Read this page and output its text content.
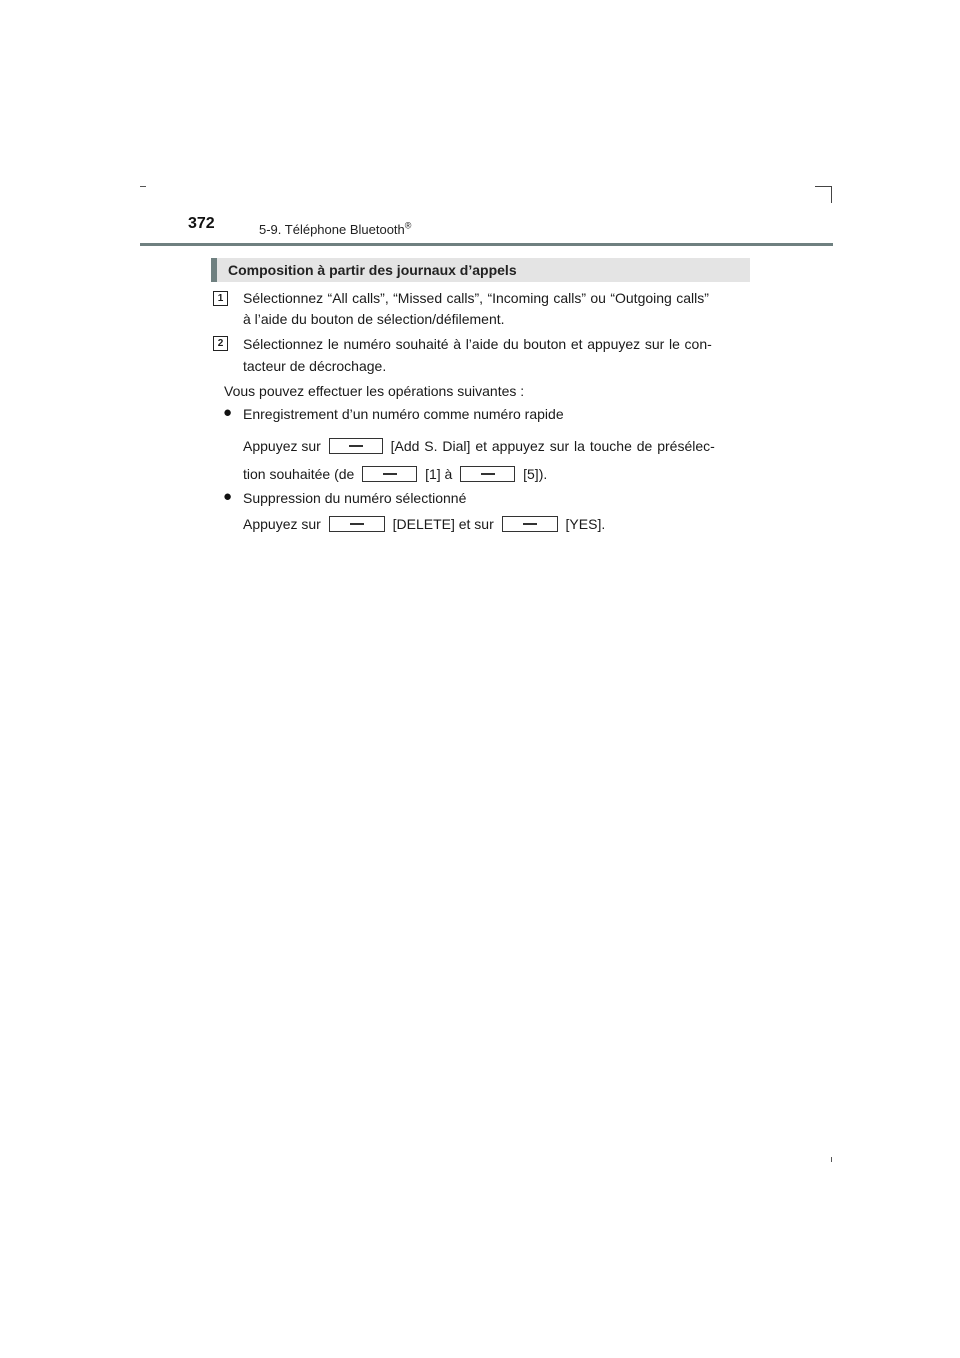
372	5-9. Téléphone Bluetooth®
Composition à partir des journaux d’appels
1	Sélectionnez “All calls”, “Missed calls”, “Incoming calls” ou “Outgoing calls”
à l’aide du bouton de sélection/défilement.
2	Sélectionnez le numéro souhaité à l’aide du bouton et appuyez sur le con-
tacteur de décrochage.
Vous pouvez effectuer les opérations suivantes :
● Enregistrement d’un numéro comme numéro rapide
Appuyez sur	[Add S. Dial] et appuyez sur la touche de présélec-
tion souhaitée (de	[1] à	[5]).
● Suppression du numéro sélectionné
Appuyez sur	[DELETE] et sur	[YES].
